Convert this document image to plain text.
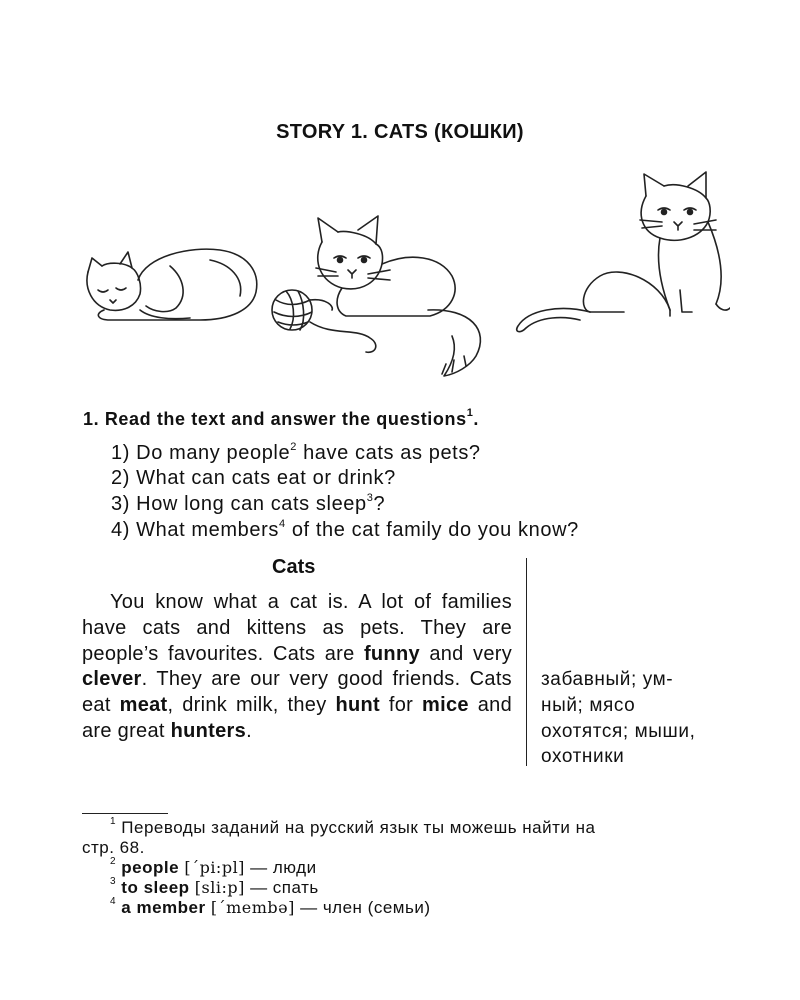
STORY 1. CATS (КОШКИ)
1. Read the text and answer the questions$^1$.
1) Do many people$^2$ have cats as pets?
2) What can cats eat or drink?
3) How long can cats sleep$^3$?
4) What members$^4$ of the cat family do you know?
Cats

You know what a cat is. A lot of families have cats and kittens as pets. They are people’s favourites. Cats are funny and very clever. They are our very good friends. Cats eat meat, drink milk, they hunt for mice and are great hunters.

забавный; ум-
ный; мясо
охотятся; мыши,
охотники
$^1$ Переводы заданий на русский язык ты можешь найти на
стр. 68.
$^2$ people [ˊpi:pl] — люди
$^3$ to sleep [sli:p] — спать
$^4$ a member [ˊmembə] — член (семьи)
